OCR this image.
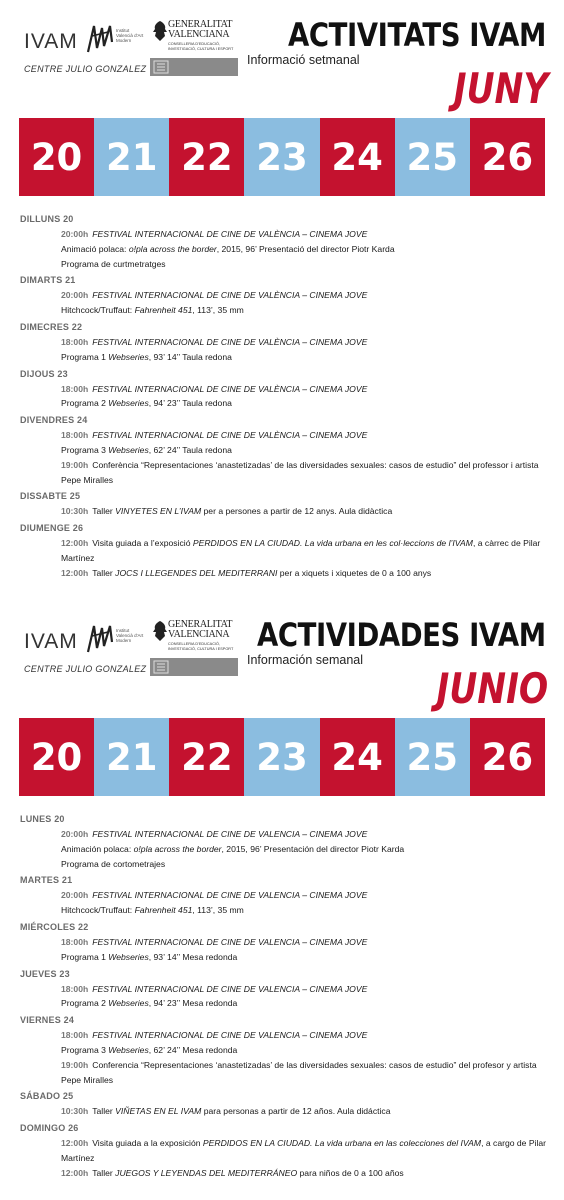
IVAM	Institut Valencià d'Art Modern
CENTRE JULIO GONZALEZ
GENERALITAT
VALENCIANA
CONSELLERIA D'EDUCACIÓ, INVESTIGACIÓ, CULTURA I ESPORT	ACTIVITATS IVAM
Informació setmanal
JUNY
20 21 22 23 24 25 26
DILLUNS 20
20:00h FESTIVAL INTERNACIONAL DE CINE DE VALÈNCIA – CINEMA JOVE
Animació polaca: o!pla across the border, 2015, 96’ Presentació del director Piotr Karda
Programa de curtmetratges
DIMARTS 21
20:00h FESTIVAL INTERNACIONAL DE CINE DE VALÈNCIA – CINEMA JOVE
Hitchcock/Truffaut: Fahrenheit 451, 113’, 35 mm
DIMECRES 22
18:00h FESTIVAL INTERNACIONAL DE CINE DE VALÈNCIA – CINEMA JOVE
Programa 1 Webseries, 93’ 14’’ Taula redona
DIJOUS 23
18:00h FESTIVAL INTERNACIONAL DE CINE DE VALÈNCIA – CINEMA JOVE
Programa 2 Webseries, 94’ 23’’ Taula redona
DIVENDRES 24
18:00h FESTIVAL INTERNACIONAL DE CINE DE VALÈNCIA – CINEMA JOVE
Programa 3 Webseries, 62’ 24’’ Taula redona
19:00h Conferència “Representaciones ‘anastetizadas’ de las diversidades sexuales: casos de estudio” del professor i artista Pepe Miralles
DISSABTE 25
10:30h Taller VINYETES EN L’IVAM per a persones a partir de 12 anys. Aula didàctica
DIUMENGE 26
12:00h Visita guiada a l’exposició PERDIDOS EN LA CIUDAD. La vida urbana en les col·leccions de l’IVAM, a càrrec de Pilar Martínez
12:00h Taller JOCS I LLEGENDES DEL MEDITERRANI per a xiquets i xiquetes de 0 a 100 anys
IVAM	Institut Valencià d'Art Modern
CENTRE JULIO GONZALEZ
GENERALITAT
VALENCIANA
CONSELLERIA D'EDUCACIÓ, INVESTIGACIÓ, CULTURA I ESPORT ACTIVIDADES IVAM
Información semanal
JUNIO
20 21 22 23 24 25 26
LUNES 20
20:00h FESTIVAL INTERNACIONAL DE CINE DE VALENCIA – CINEMA JOVE
Animación polaca: o!pla across the border, 2015, 96’ Presentación del director Piotr Karda
Programa de cortometrajes
MARTES 21
20:00h FESTIVAL INTERNACIONAL DE CINE DE VALENCIA – CINEMA JOVE
Hitchcock/Truffaut: Fahrenheit 451, 113’, 35 mm
MIÉRCOLES 22
18:00h FESTIVAL INTERNACIONAL DE CINE DE VALENCIA – CINEMA JOVE
Programa 1 Webseries, 93’ 14’’ Mesa redonda
JUEVES 23
18:00h FESTIVAL INTERNACIONAL DE CINE DE VALENCIA – CINEMA JOVE
Programa 2 Webseries, 94’ 23’’ Mesa redonda
VIERNES 24
18:00h FESTIVAL INTERNACIONAL DE CINE DE VALENCIA – CINEMA JOVE
Programa 3 Webseries, 62’ 24’’ Mesa redonda
19:00h Conferencia “Representaciones ‘anastetizadas’ de las diversidades sexuales: casos de estudio” del profesor y artista Pepe Miralles
SÁBADO 25
10:30h Taller VIÑETAS EN EL IVAM para personas a partir de 12 años. Aula didáctica
DOMINGO 26
12:00h Visita guiada a la exposición PERDIDOS EN LA CIUDAD. La vida urbana en las colecciones del IVAM, a cargo de Pilar Martínez
12:00h Taller JUEGOS Y LEYENDAS DEL MEDITERRÁNEO para niños de 0 a 100 años
